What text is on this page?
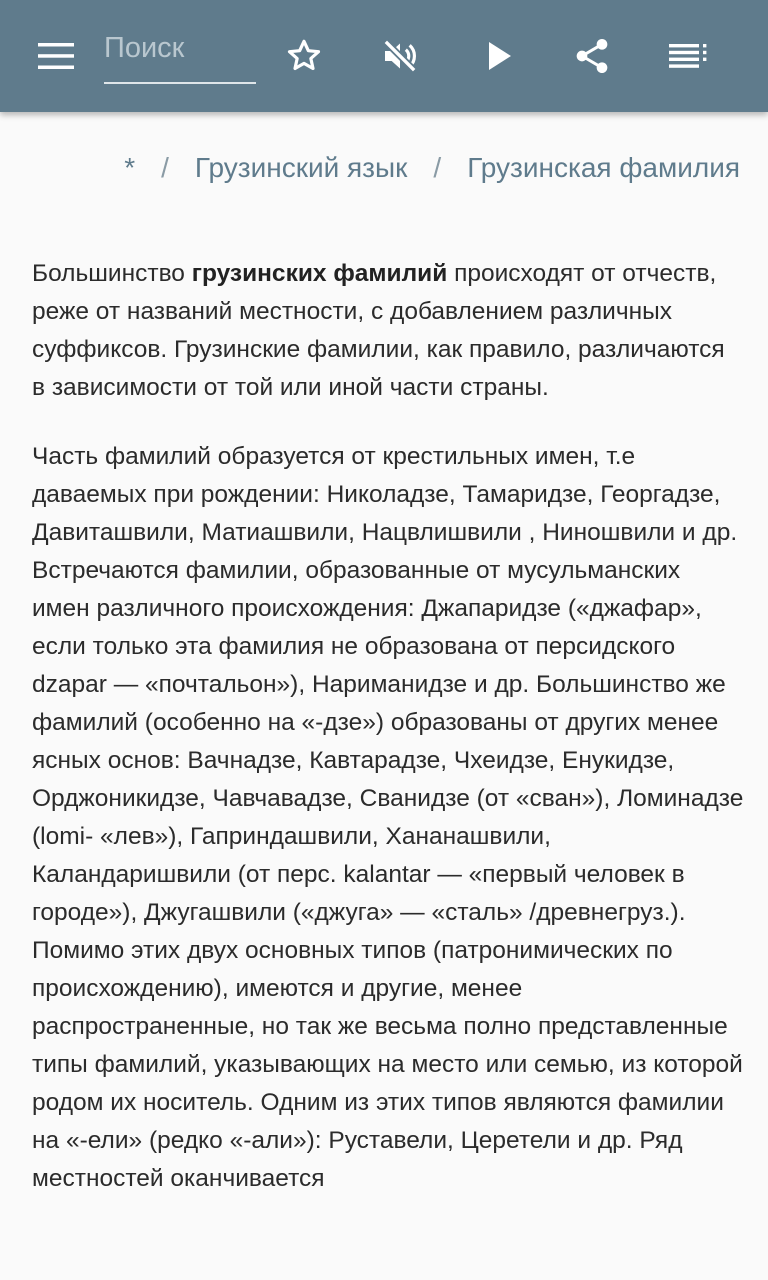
Поиск
* / Грузинский язык / Грузинская фамилия

Большинство грузинских фамилий происходят от отчеств, реже от названий местности, с добавлением различных суффиксов. Грузинские фамилии, как правило, различаются в зависимости от той или иной части страны.

Часть фамилий образуется от крестильных имен, т.е даваемых при рождении: Николадзе, Тамаридзе, Георгадзе, Давиташвили, Матиашвили, Нацвлишвили , Ниношвили и др. Встречаются фамилии, образованные от мусульманских имен различного происхождения: Джапаридзе («джафар», если только эта фамилия не образована от персидского dzapar — «почтальон»), Нариманидзе и др. Большинство же фамилий (особенно на «-дзе») образованы от других менее ясных основ: Вачнадзе, Кавтарадзе, Чхеидзе, Енукидзе, Орджоникидзе, Чавчавадзе, Сванидзе (от «сван»), Ломинадзе (lomi- «лев»), Гаприндашвили, Хананашвили, Каландаришвили (от перс. kalantar — «первый человек в городе»), Джугашвили («джуга» — «сталь» /древнегруз.). Помимо этих двух основных типов (патронимических по происхождению), имеются и другие, менее распространенные, но так же весьма полно представленные типы фамилий, указывающих на место или семью, из которой родом их носитель. Одним из этих типов являются фамилии на «-ели» (редко «-али»): Руставели, Церетели и др. Ряд местностей оканчивается
